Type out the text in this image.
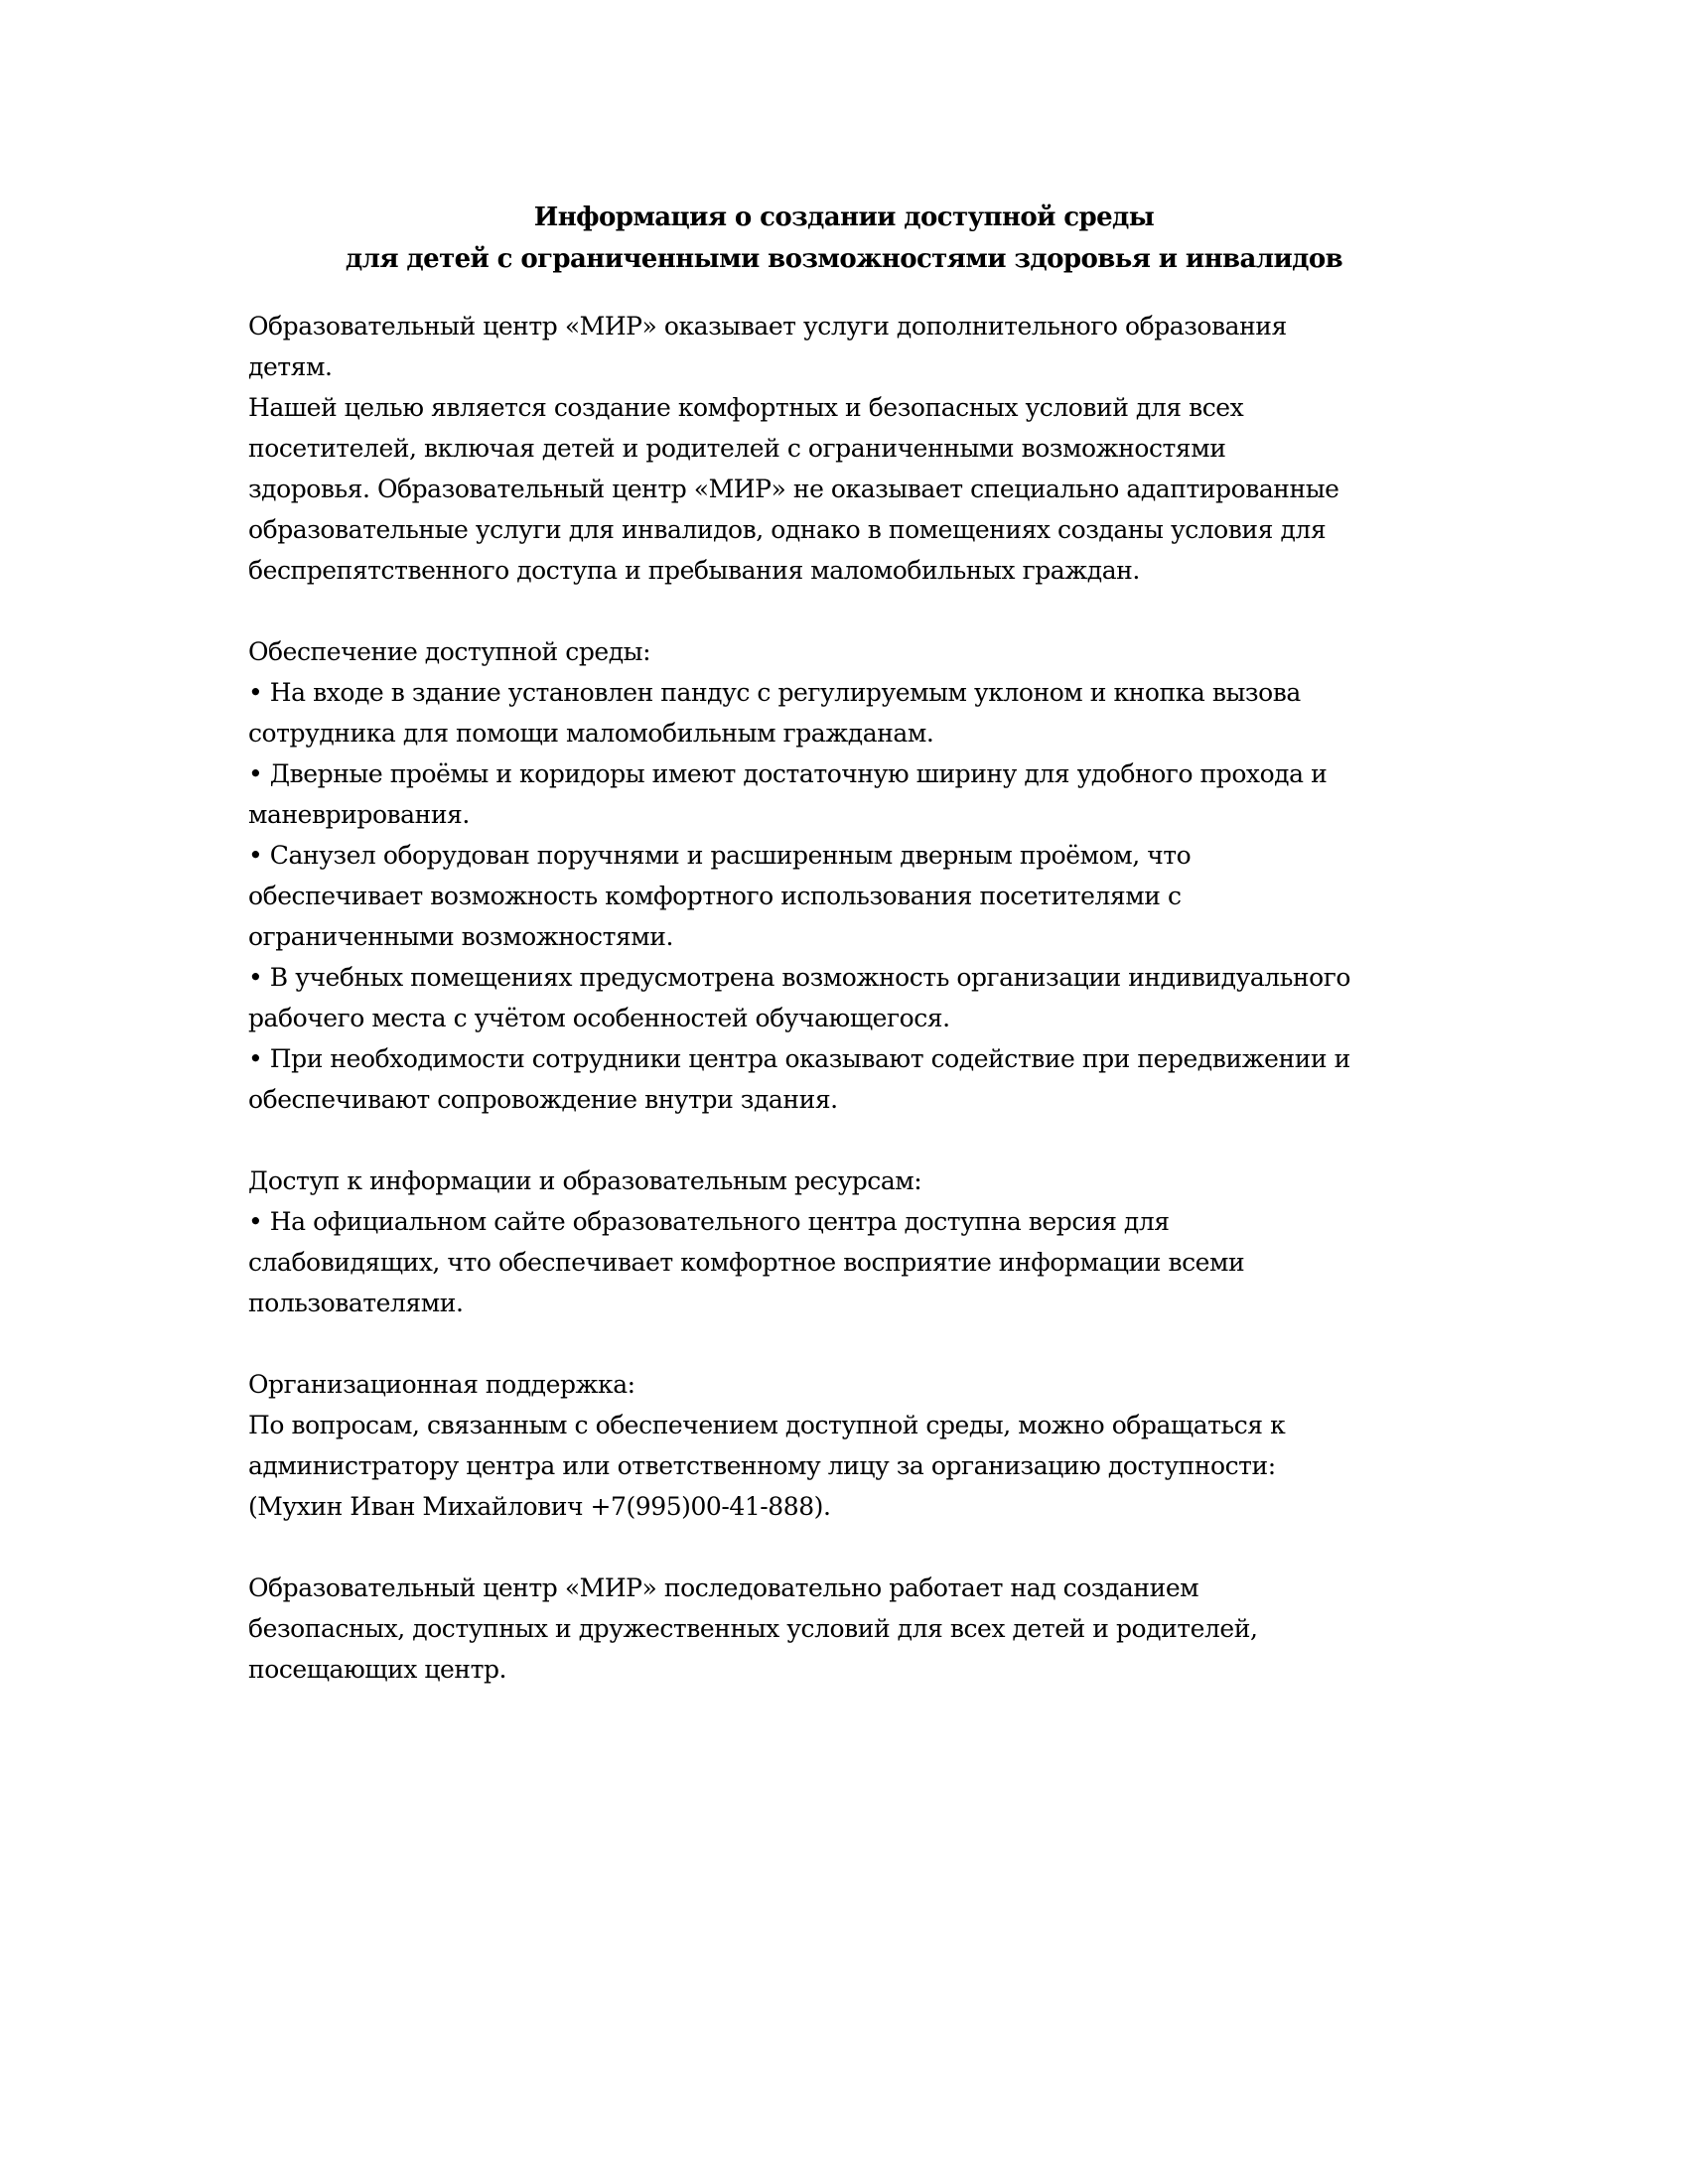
Информация о создании доступной среды
для детей с ограниченными возможностями здоровья и инвалидов
Образовательный центр «МИР» оказывает услуги дополнительного образования
детям.
Нашей целью является создание комфортных и безопасных условий для всех
посетителей, включая детей и родителей с ограниченными возможностями
здоровья. Образовательный центр «МИР» не оказывает специально адаптированные
образовательные услуги для инвалидов, однако в помещениях созданы условия для
беспрепятственного доступа и пребывания маломобильных граждан.
Обеспечение доступной среды:
• На входе в здание установлен пандус с регулируемым уклоном и кнопка вызова
сотрудника для помощи маломобильным гражданам.
• Дверные проёмы и коридоры имеют достаточную ширину для удобного прохода и
маневрирования.
• Санузел оборудован поручнями и расширенным дверным проёмом, что
обеспечивает возможность комфортного использования посетителями с
ограниченными возможностями.
• В учебных помещениях предусмотрена возможность организации индивидуального
рабочего места с учётом особенностей обучающегося.
• При необходимости сотрудники центра оказывают содействие при передвижении и
обеспечивают сопровождение внутри здания.
Доступ к информации и образовательным ресурсам:
• На официальном сайте образовательного центра доступна версия для
слабовидящих, что обеспечивает комфортное восприятие информации всеми
пользователями.
Организационная поддержка:
По вопросам, связанным с обеспечением доступной среды, можно обращаться к
администратору центра или ответственному лицу за организацию доступности:
(Мухин Иван Михайлович +7(995)00-41-888).
Образовательный центр «МИР» последовательно работает над созданием
безопасных, доступных и дружественных условий для всех детей и родителей,
посещающих центр.
